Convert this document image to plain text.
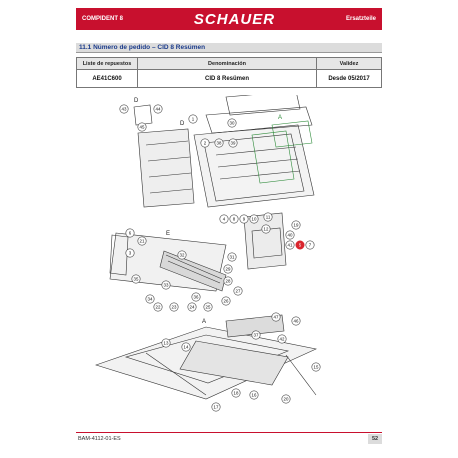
COMPIDENT 8	SCHAUER	Ersatzteile
11.1 Número de pedido – CID 8 Resúmen
Liste de repuestos	Denominación	Validez
AE41C600	CID 8 Resümen	Desde 05/2017
D
D
A
E
A
43	44
45
1
2 38 39
30
4 8 9 10 11
12
19
40
41 5 7
6
3
21
22	23	24	25
26
27
28
29
31
32
33
34
35
36
37
42
46
47
13
14
15
16
17
18
20
BAM-4112-01-ES	52
